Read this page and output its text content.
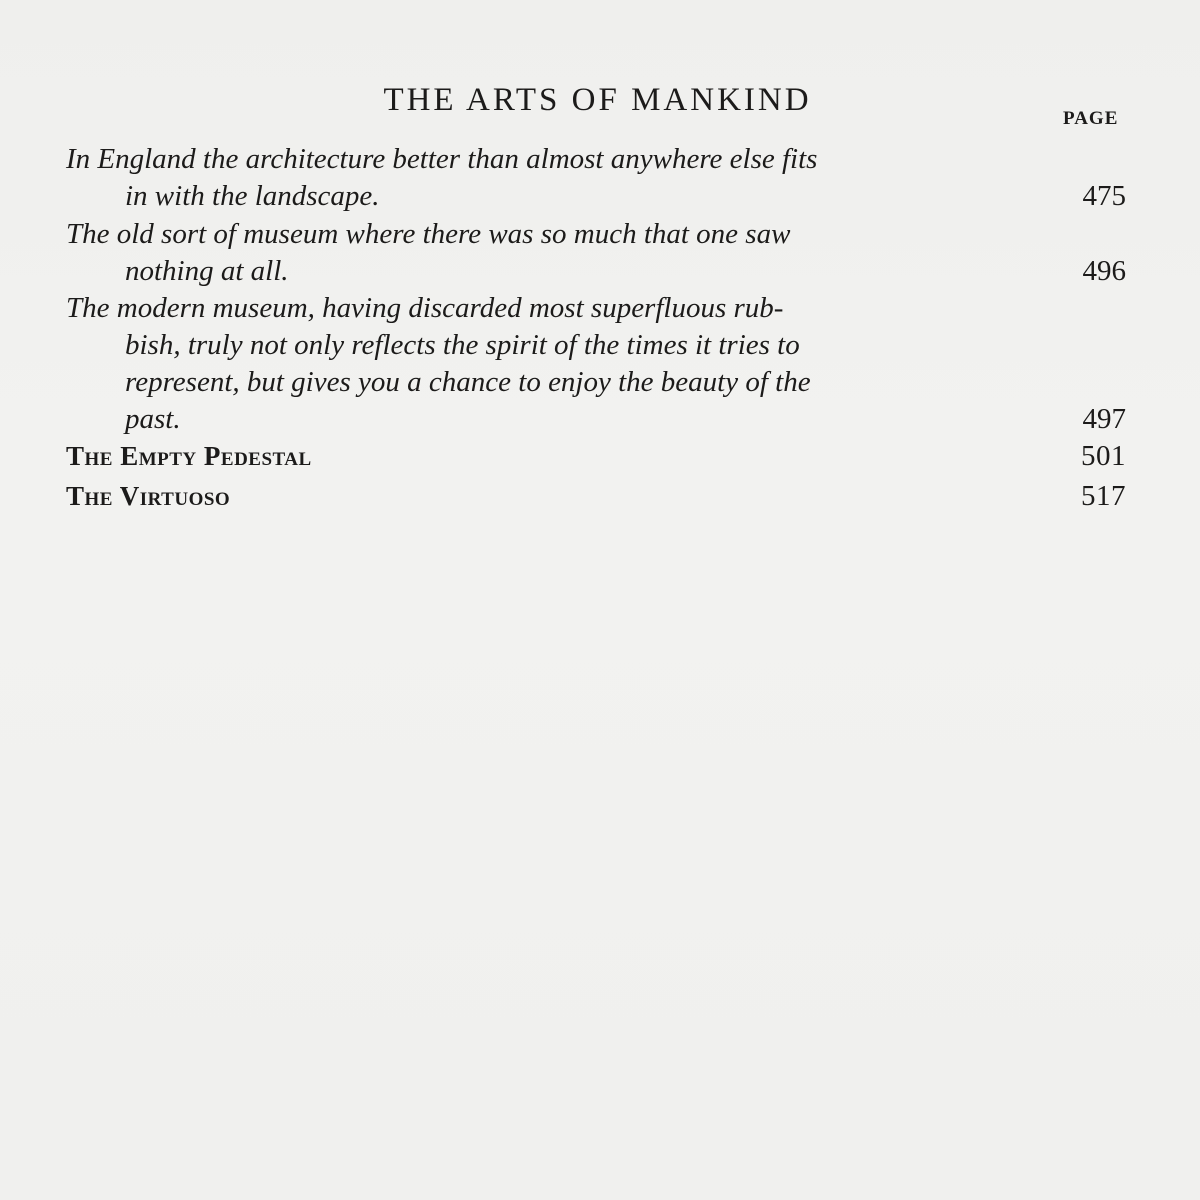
THE ARTS OF MANKIND
PAGE
In England the architecture better than almost anywhere else fits
in with the landscape.	475
The old sort of museum where there was so much that one saw
nothing at all.	496
The modern museum, having discarded most superfluous rub-
bish, truly not only reflects the spirit of the times it tries to
represent, but gives you a chance to enjoy the beauty of the
past.	497
The Empty Pedestal	501
The Virtuoso	517
